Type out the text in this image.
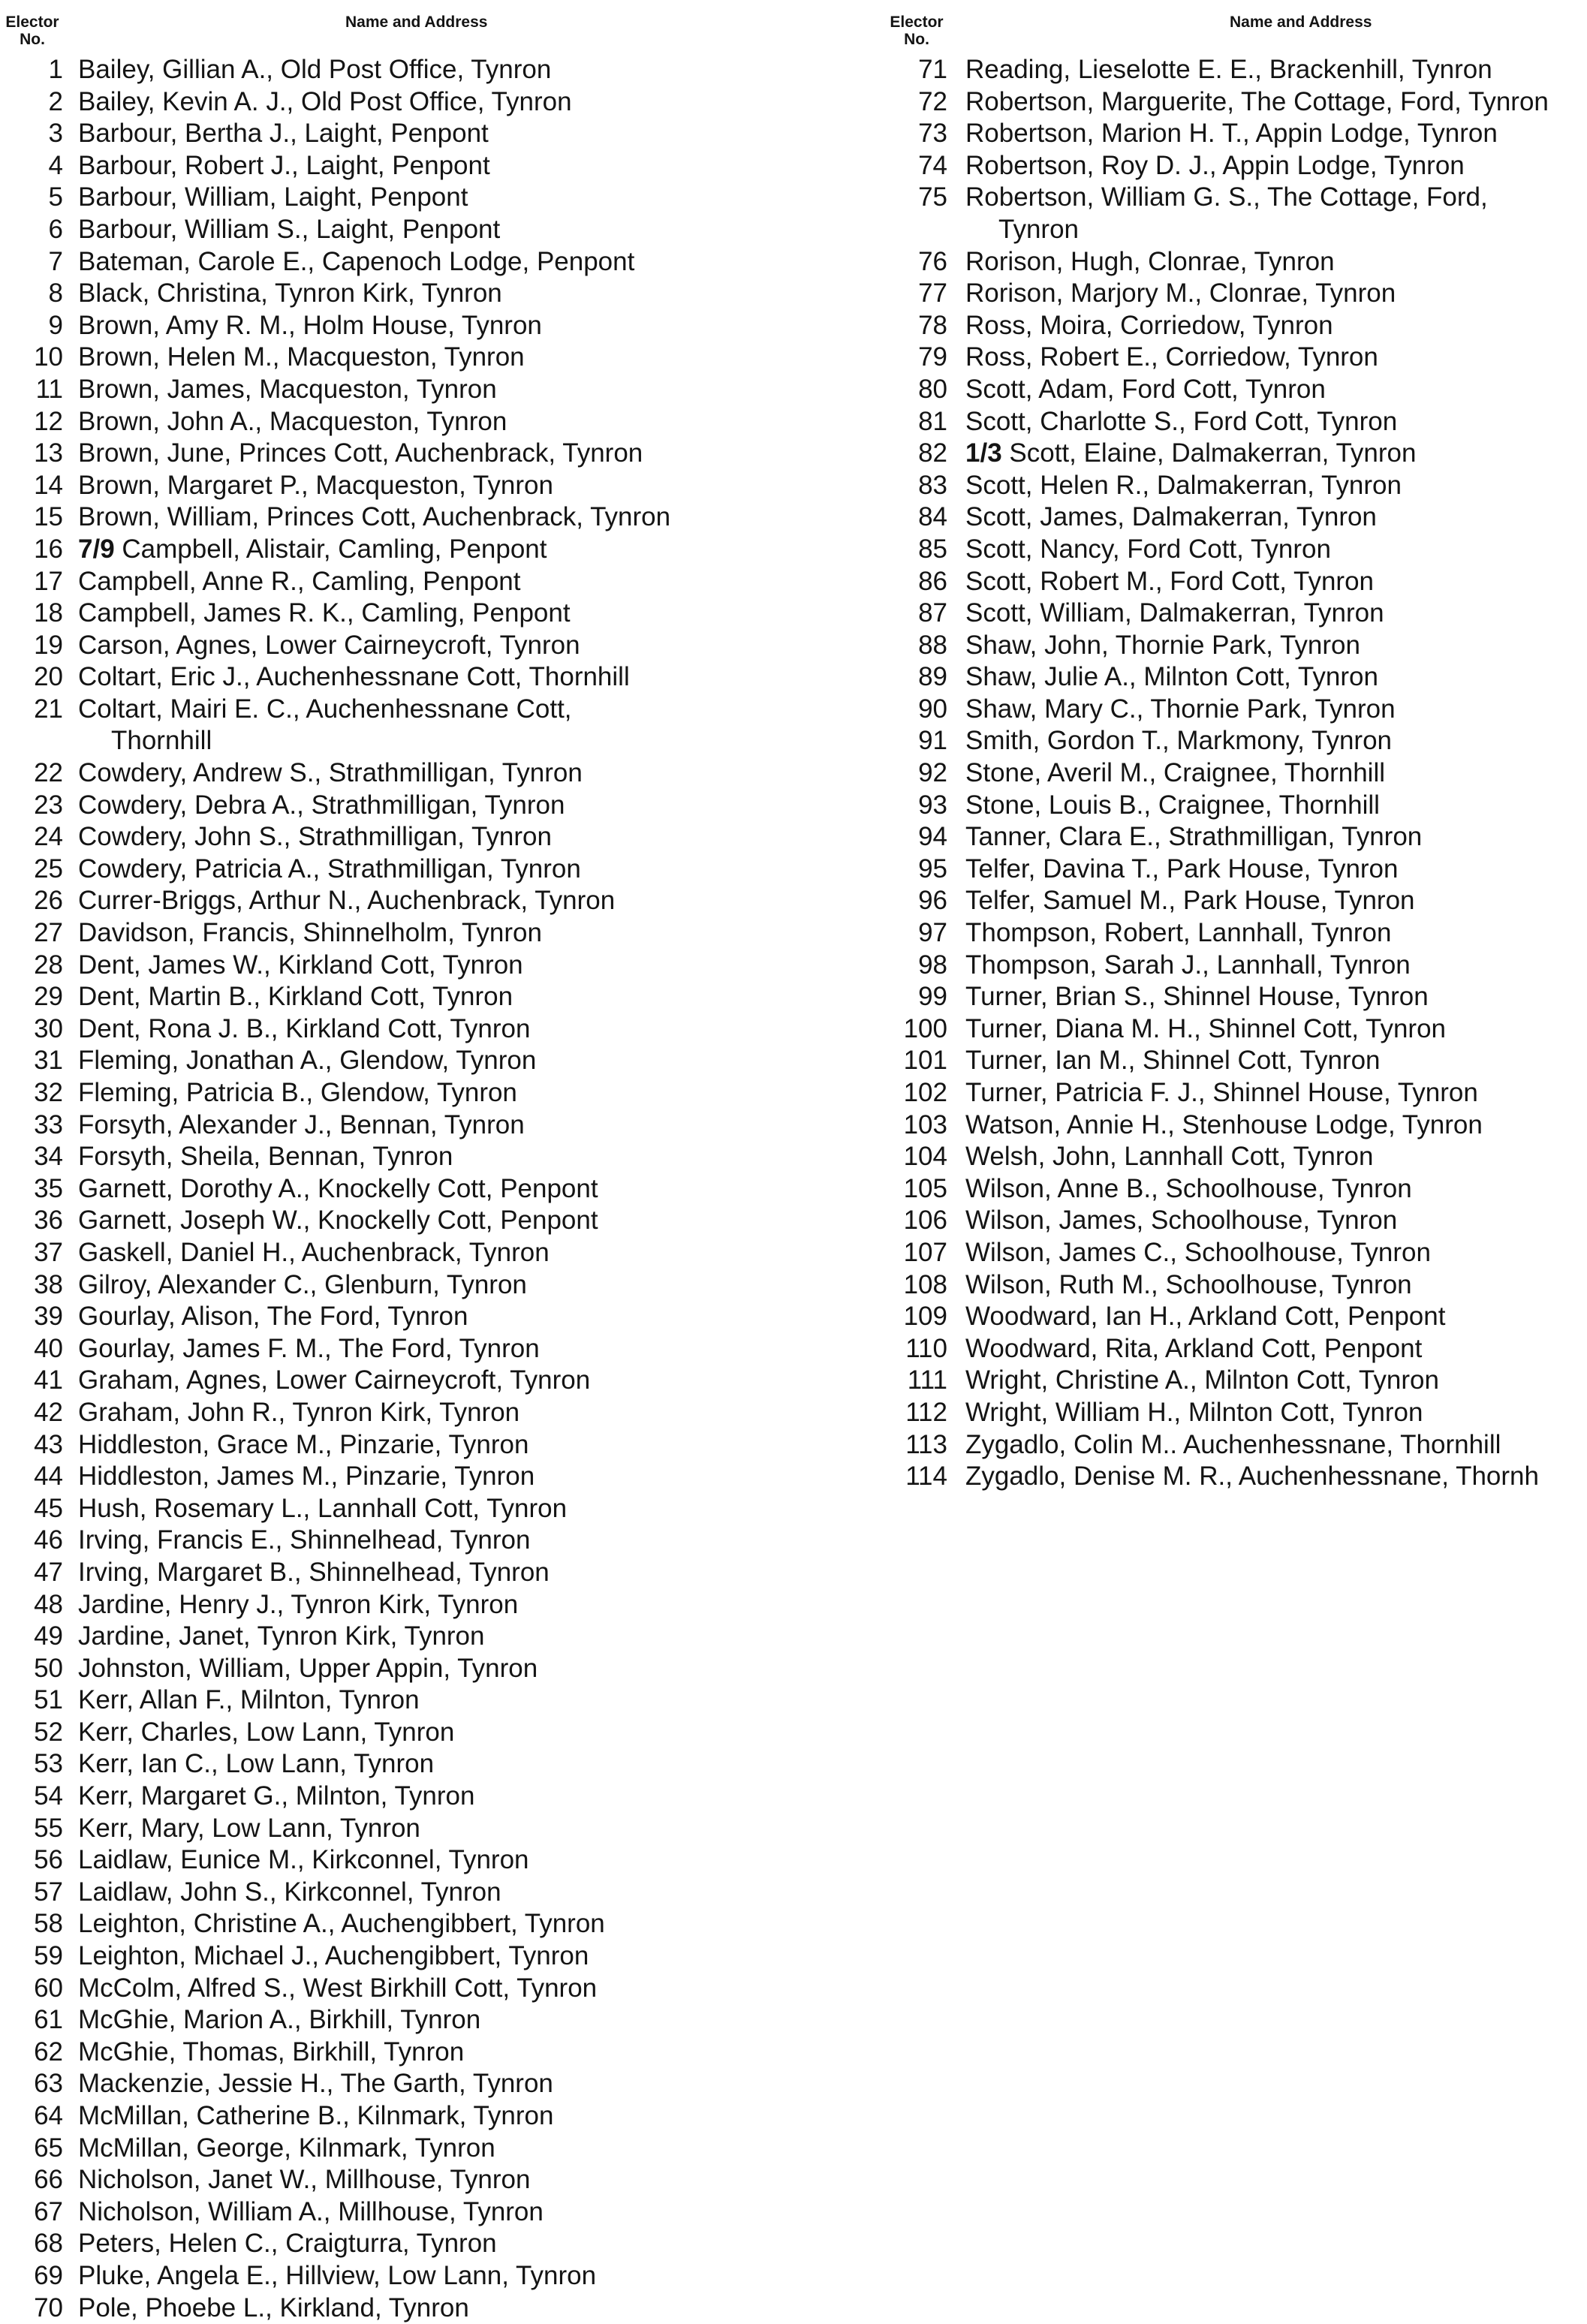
Elector
No.
Name and Address
1 Bailey, Gillian A., Old Post Office, Tynron
2 Bailey, Kevin A. J., Old Post Office, Tynron
3 Barbour, Bertha J., Laight, Penpont
4 Barbour, Robert J., Laight, Penpont
5 Barbour, William, Laight, Penpont
6 Barbour, William S., Laight, Penpont
7 Bateman, Carole E., Capenoch Lodge, Penpont
8 Black, Christina, Tynron Kirk, Tynron
9 Brown, Amy R. M., Holm House, Tynron
10 Brown, Helen M., Macqueston, Tynron
11 Brown, James, Macqueston, Tynron
12 Brown, John A., Macqueston, Tynron
13 Brown, June, Princes Cott, Auchenbrack, Tynron
14 Brown, Margaret P., Macqueston, Tynron
15 Brown, William, Princes Cott, Auchenbrack, Tynron
16 7/9 Campbell, Alistair, Camling, Penpont
17 Campbell, Anne R., Camling, Penpont
18 Campbell, James R. K., Camling, Penpont
19 Carson, Agnes, Lower Cairneycroft, Tynron
20 Coltart, Eric J., Auchenhessnane Cott, Thornhill
21 Coltart, Mairi E. C., Auchenhessnane Cott,
Thornhill
22 Cowdery, Andrew S., Strathmilligan, Tynron
23 Cowdery, Debra A., Strathmilligan, Tynron
24 Cowdery, John S., Strathmilligan, Tynron
25 Cowdery, Patricia A., Strathmilligan, Tynron
26 Currer-Briggs, Arthur N., Auchenbrack, Tynron
27 Davidson, Francis, Shinnelholm, Tynron
28 Dent, James W., Kirkland Cott, Tynron
29 Dent, Martin B., Kirkland Cott, Tynron
30 Dent, Rona J. B., Kirkland Cott, Tynron
31 Fleming, Jonathan A., Glendow, Tynron
32 Fleming, Patricia B., Glendow, Tynron
33 Forsyth, Alexander J., Bennan, Tynron
34 Forsyth, Sheila, Bennan, Tynron
35 Garnett, Dorothy A., Knockelly Cott, Penpont
36 Garnett, Joseph W., Knockelly Cott, Penpont
37 Gaskell, Daniel H., Auchenbrack, Tynron
38 Gilroy, Alexander C., Glenburn, Tynron
39 Gourlay, Alison, The Ford, Tynron
40 Gourlay, James F. M., The Ford, Tynron
41 Graham, Agnes, Lower Cairneycroft, Tynron
42 Graham, John R., Tynron Kirk, Tynron
43 Hiddleston, Grace M., Pinzarie, Tynron
44 Hiddleston, James M., Pinzarie, Tynron
45 Hush, Rosemary L., Lannhall Cott, Tynron
46 Irving, Francis E., Shinnelhead, Tynron
47 Irving, Margaret B., Shinnelhead, Tynron
48 Jardine, Henry J., Tynron Kirk, Tynron
49 Jardine, Janet, Tynron Kirk, Tynron
50 Johnston, William, Upper Appin, Tynron
51 Kerr, Allan F., Milnton, Tynron
52 Kerr, Charles, Low Lann, Tynron
53 Kerr, Ian C., Low Lann, Tynron
54 Kerr, Margaret G., Milnton, Tynron
55 Kerr, Mary, Low Lann, Tynron
56 Laidlaw, Eunice M., Kirkconnel, Tynron
57 Laidlaw, John S., Kirkconnel, Tynron
58 Leighton, Christine A., Auchengibbert, Tynron
59 Leighton, Michael J., Auchengibbert, Tynron
60 McColm, Alfred S., West Birkhill Cott, Tynron
61 McGhie, Marion A., Birkhill, Tynron
62 McGhie, Thomas, Birkhill, Tynron
63 Mackenzie, Jessie H., The Garth, Tynron
64 McMillan, Catherine B., Kilnmark, Tynron
65 McMillan, George, Kilnmark, Tynron
66 Nicholson, Janet W., Millhouse, Tynron
67 Nicholson, William A., Millhouse, Tynron
68 Peters, Helen C., Craigturra, Tynron
69 Pluke, Angela E., Hillview, Low Lann, Tynron
70 Pole, Phoebe L., Kirkland, Tynron
Elector
No.
Name and Address
71 Reading, Lieselotte E. E., Brackenhill, Tynron
72 Robertson, Marguerite, The Cottage, Ford, Tynron
73 Robertson, Marion H. T., Appin Lodge, Tynron
74 Robertson, Roy D. J., Appin Lodge, Tynron
75 Robertson, William G. S., The Cottage, Ford,
Tynron
76 Rorison, Hugh, Clonrae, Tynron
77 Rorison, Marjory M., Clonrae, Tynron
78 Ross, Moira, Corriedow, Tynron
79 Ross, Robert E., Corriedow, Tynron
80 Scott, Adam, Ford Cott, Tynron
81 Scott, Charlotte S., Ford Cott, Tynron
82 1/3 Scott, Elaine, Dalmakerran, Tynron
83 Scott, Helen R., Dalmakerran, Tynron
84 Scott, James, Dalmakerran, Tynron
85 Scott, Nancy, Ford Cott, Tynron
86 Scott, Robert M., Ford Cott, Tynron
87 Scott, William, Dalmakerran, Tynron
88 Shaw, John, Thornie Park, Tynron
89 Shaw, Julie A., Milnton Cott, Tynron
90 Shaw, Mary C., Thornie Park, Tynron
91 Smith, Gordon T., Markmony, Tynron
92 Stone, Averil M., Craignee, Thornhill
93 Stone, Louis B., Craignee, Thornhill
94 Tanner, Clara E., Strathmilligan, Tynron
95 Telfer, Davina T., Park House, Tynron
96 Telfer, Samuel M., Park House, Tynron
97 Thompson, Robert, Lannhall, Tynron
98 Thompson, Sarah J., Lannhall, Tynron
99 Turner, Brian S., Shinnel House, Tynron
100 Turner, Diana M. H., Shinnel Cott, Tynron
101 Turner, Ian M., Shinnel Cott, Tynron
102 Turner, Patricia F. J., Shinnel House, Tynron
103 Watson, Annie H., Stenhouse Lodge, Tynron
104 Welsh, John, Lannhall Cott, Tynron
105 Wilson, Anne B., Schoolhouse, Tynron
106 Wilson, James, Schoolhouse, Tynron
107 Wilson, James C., Schoolhouse, Tynron
108 Wilson, Ruth M., Schoolhouse, Tynron
109 Woodward, Ian H., Arkland Cott, Penpont
110 Woodward, Rita, Arkland Cott, Penpont
111 Wright, Christine A., Milnton Cott, Tynron
112 Wright, William H., Milnton Cott, Tynron
113 Zygadlo, Colin M.. Auchenhessnane, Thornhill
114 Zygadlo, Denise M. R., Auchenhessnane, Thornh
